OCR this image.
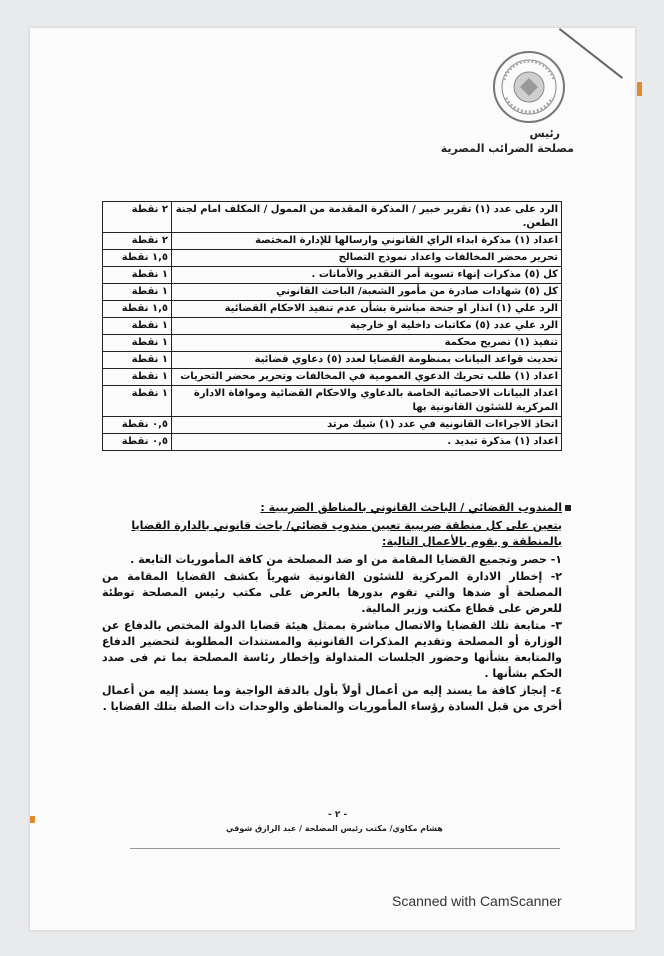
رئيس
مصلحة الضرائب المصرية
الرد على عدد (١) تقرير خبير / المذكرة المقدمة من الممول / المكلف امام لجنة الطعن.	٢ نقطة
اعداد (١) مذكرة ابداء الراي القانوني وارسالها للإدارة المختصة	٢ نقطة
تحرير محضر المخالفات واعداد نموذج التصالح	١,٥ نقطة
كل (٥) مذكرات إنهاء تسوية أمر التقدير والأمانات .	١ نقطة
كل (٥) شهادات صادرة من مأمور الشعبة/ الباحث القانوني	١ نقطة
الرد علي (١) انذار او جنحة مباشرة بشأن عدم تنفيذ الاحكام القضائية	١,٥ نقطة
الرد علي عدد (٥) مكاتبات داخلية او خارجية	١ نقطة
تنفيذ (١) تصريح محكمة	١ نقطة
تحديث قواعد البيانات بمنظومة القضايا لعدد (٥) دعاوي قضائية	١ نقطة
اعداد (١) طلب تحريك الدعوي العمومية في المخالفات وتحرير محضر التحريات	١ نقطة
اعداد البيانات الاحصائية الخاصة بالدعاوي والاحكام القضائية وموافاة الادارة المركزية للشئون القانونية بها	١ نقطة
اتخاذ الاجراءات القانونية في عدد (١) شيك مرتد	٠,٥ نقطة
اعداد (١) مذكرة تبديد .	٠,٥ نقطة
المندوب القضائي / الباحث القانوني بالمناطق الضريبية :
يتعين على كل منطقة ضريبية تعيين مندوب قضائي/ باحث قانوني بالدارة القضايا بالمنطقة و يقوم بالأعمال التالية:
١- حصر وتجميع القضايا المقامة من او ضد المصلحة من كافة المأموريات التابعة .
٢- إخطار الادارة المركزية للشئون القانونية شهرياً بكشف القضايا المقامة من المصلحة أو ضدها والتي تقوم بدورها بالعرض على مكتب رئيس المصلحة توطئة للعرض على قطاع مكتب وزير المالية.
٣- متابعة تلك القضايا والاتصال مباشرة بممثل هيئة قضايا الدولة المختص بالدفاع عن الوزارة أو المصلحة وتقديم المذكرات القانونية والمستندات المطلوبة لتحضير الدفاع والمتابعة بشأنها وحضور الجلسات المتداولة وإخطار رئاسة المصلحة بما تم فى صدد الحكم بشأنها .
٤- إنجاز كافة ما يسند إليه من أعمال أولاً بأول بالدقة الواجبة وما يسند إليه من أعمال أخرى من قبل السادة رؤساء المأموريات والمناطق والوحدات ذات الصلة بتلك القضايا .
- ٢ -
هشام مكاوي/ مكتب رئيس المصلحة / عبد الرازق شوقي
Scanned with CamScanner
